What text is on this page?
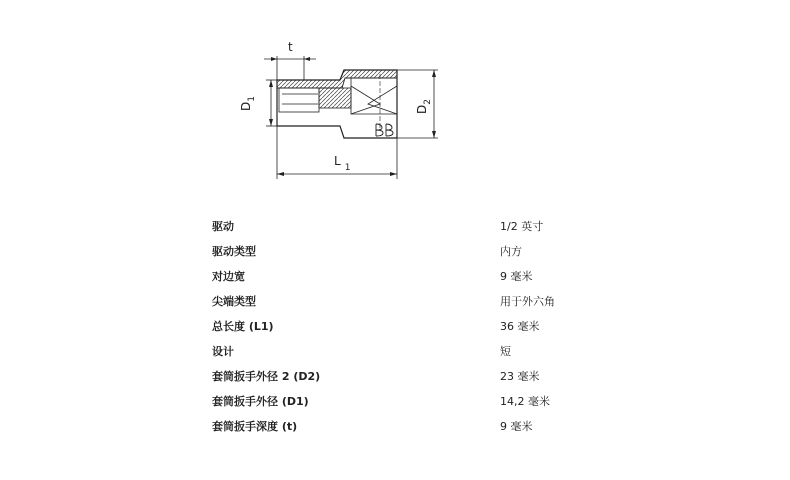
t
$D_1$
$D_2$
L $_1$
驱动	1/2 英寸
驱动类型	内方
对边宽	9 毫米
尖端类型	用于外六角
总长度 (L1)	36 毫米
设计	短
套筒扳手外径 2 (D2)	23 毫米
套筒扳手外径 (D1)	14,2 毫米
套筒扳手深度 (t)	9 毫米
